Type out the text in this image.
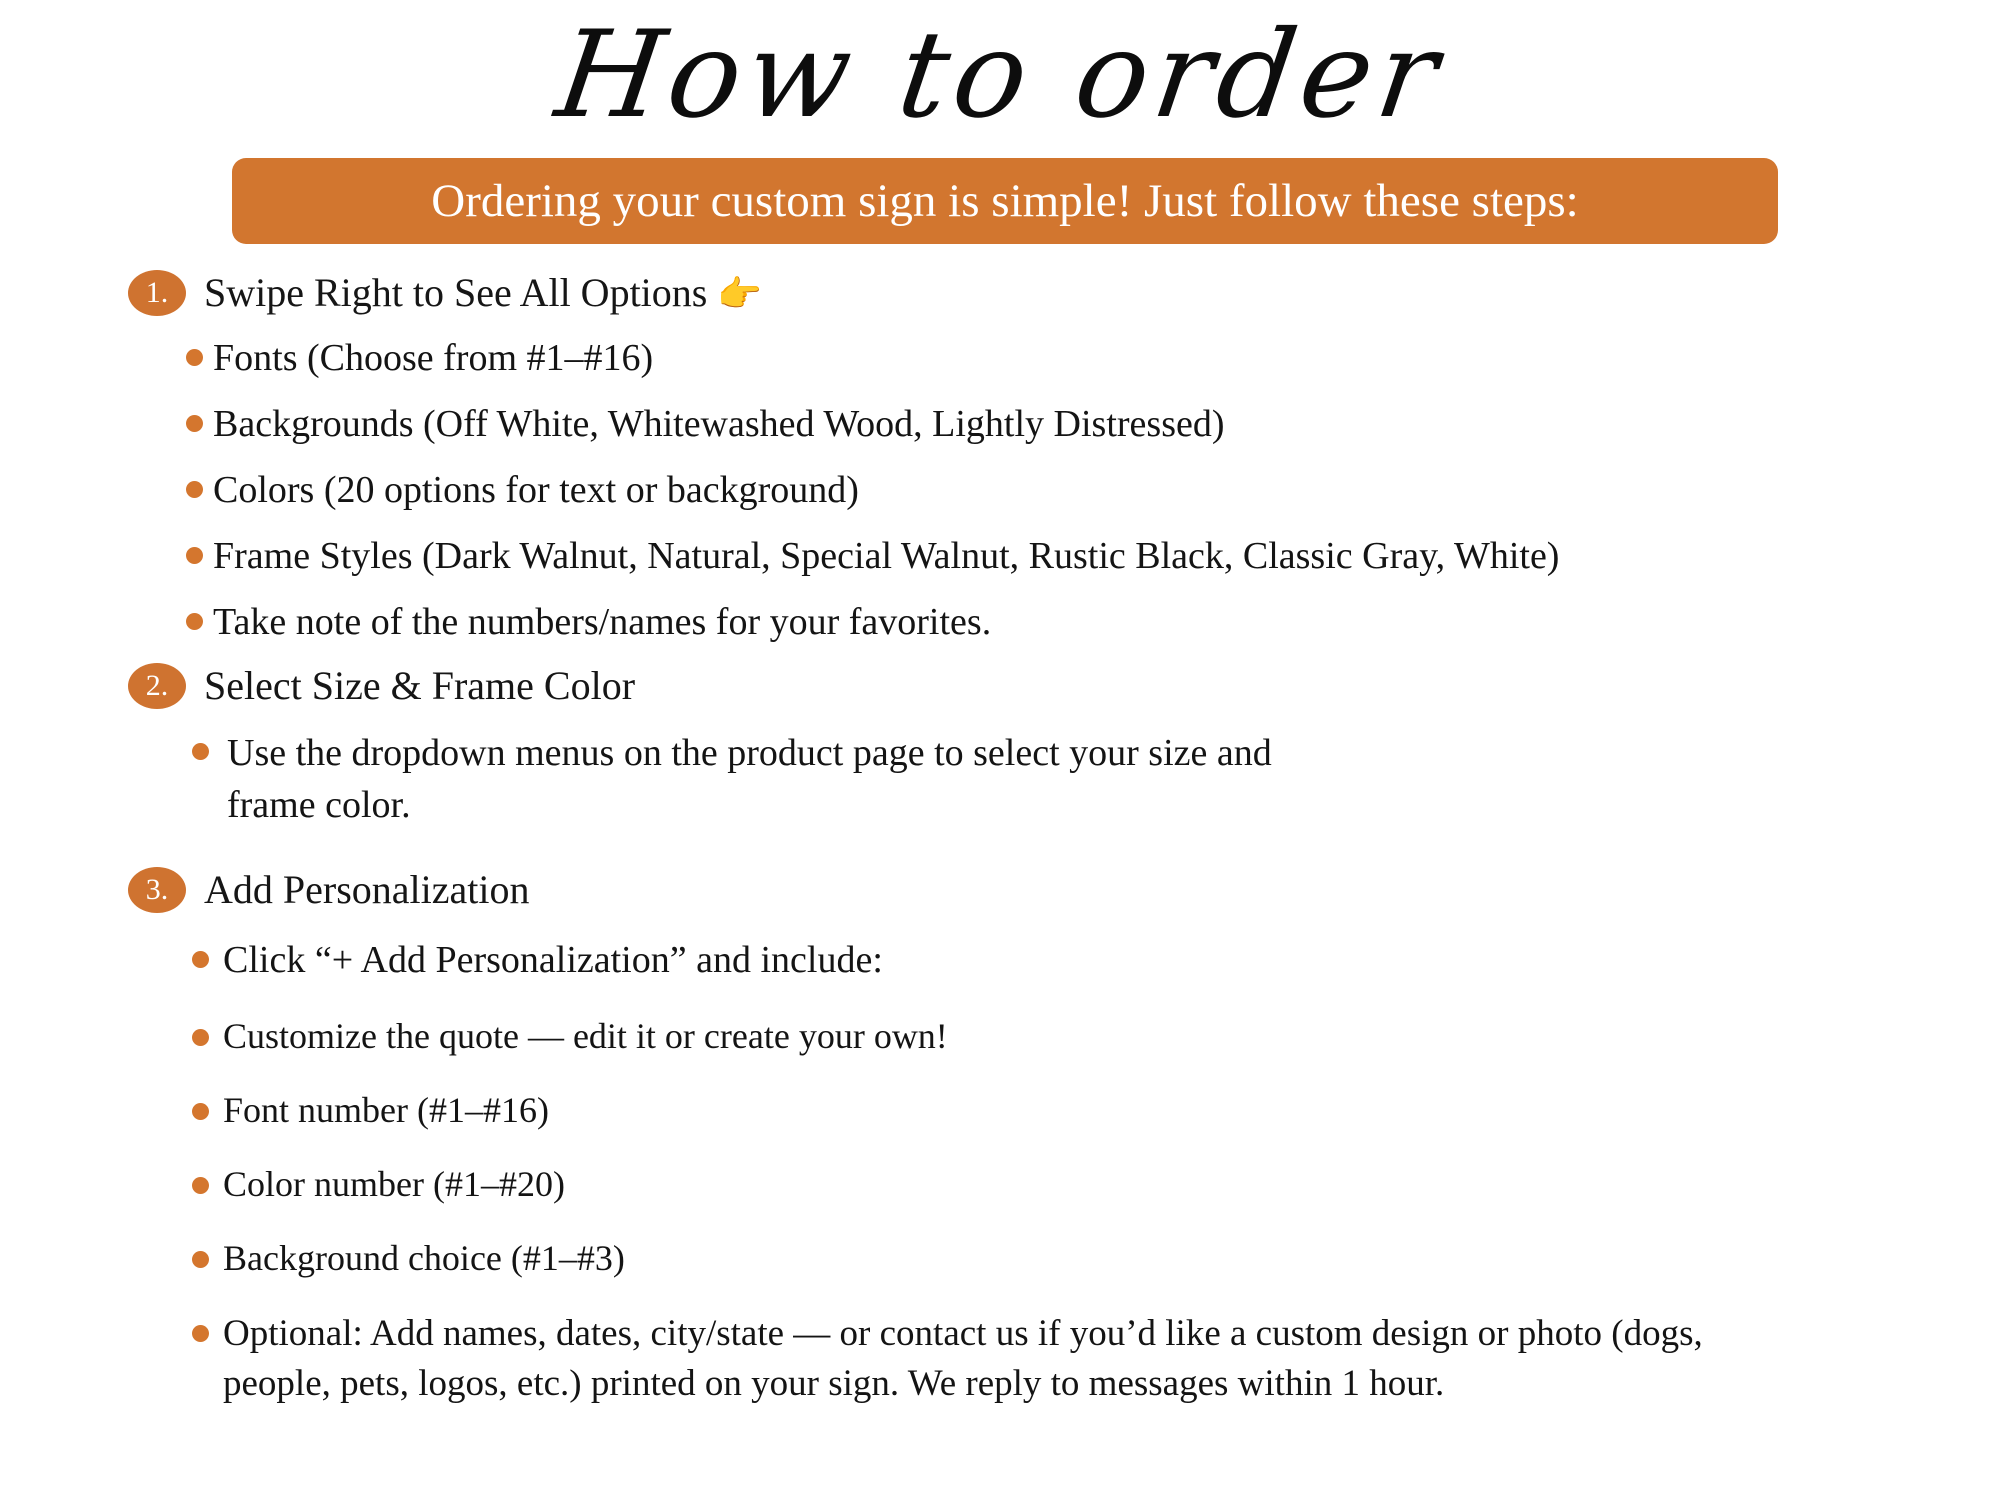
How to order
Ordering your custom sign is simple! Just follow these steps:
1. Swipe Right to See All Options 👉
Fonts (Choose from #1–#16)
Backgrounds (Off White, Whitewashed Wood, Lightly Distressed)
Colors (20 options for text or background)
Frame Styles (Dark Walnut, Natural, Special Walnut, Rustic Black, Classic Gray, White)
Take note of the numbers/names for your favorites.
2. Select Size & Frame Color
Use the dropdown menus on the product page to select your size and frame color.
3. Add Personalization
Click “+ Add Personalization” and include:
Customize the quote — edit it or create your own!
Font number (#1–#16)
Color number (#1–#20)
Background choice (#1–#3)
Optional: Add names, dates, city/state — or contact us if you’d like a custom design or photo (dogs, people, pets, logos, etc.) printed on your sign. We reply to messages within 1 hour.
